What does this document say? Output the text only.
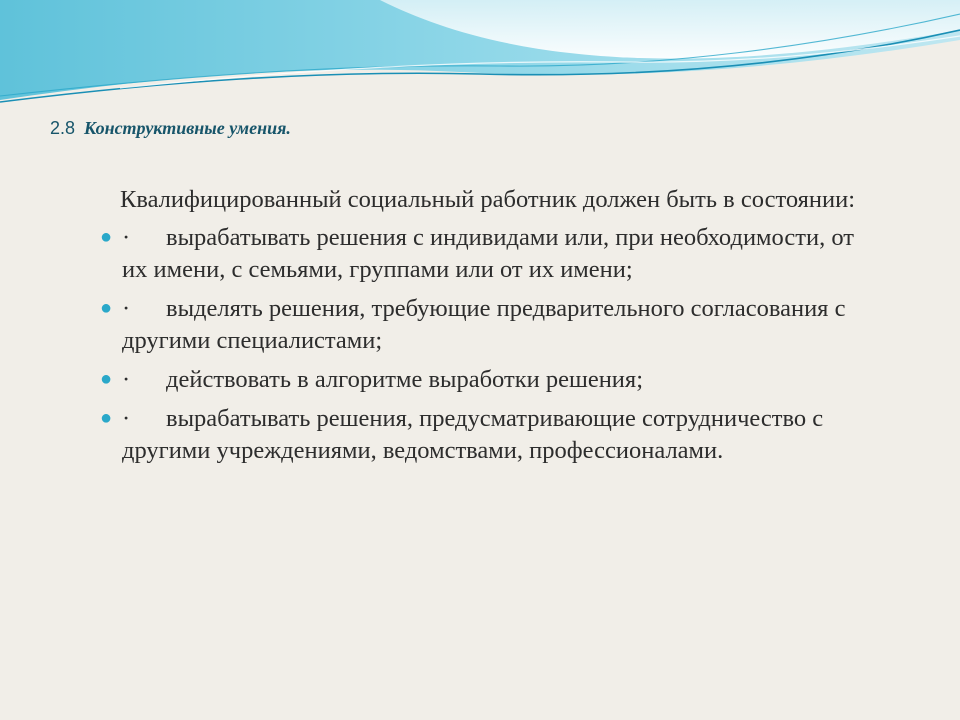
2.8 Конструктивные умения.

Квалифицированный социальный работник должен быть в состоянии:

● · вырабатывать решения с индивидами или, при необходимости, от их имени, с семьями, группами или от их имени;
● · выделять решения, требующие предварительного согласования с другими специалистами;
● · действовать в алгоритме выработки решения;
● · вырабатывать решения, предусматривающие сотрудничество с другими учреждениями, ведомствами, профессионалами.
